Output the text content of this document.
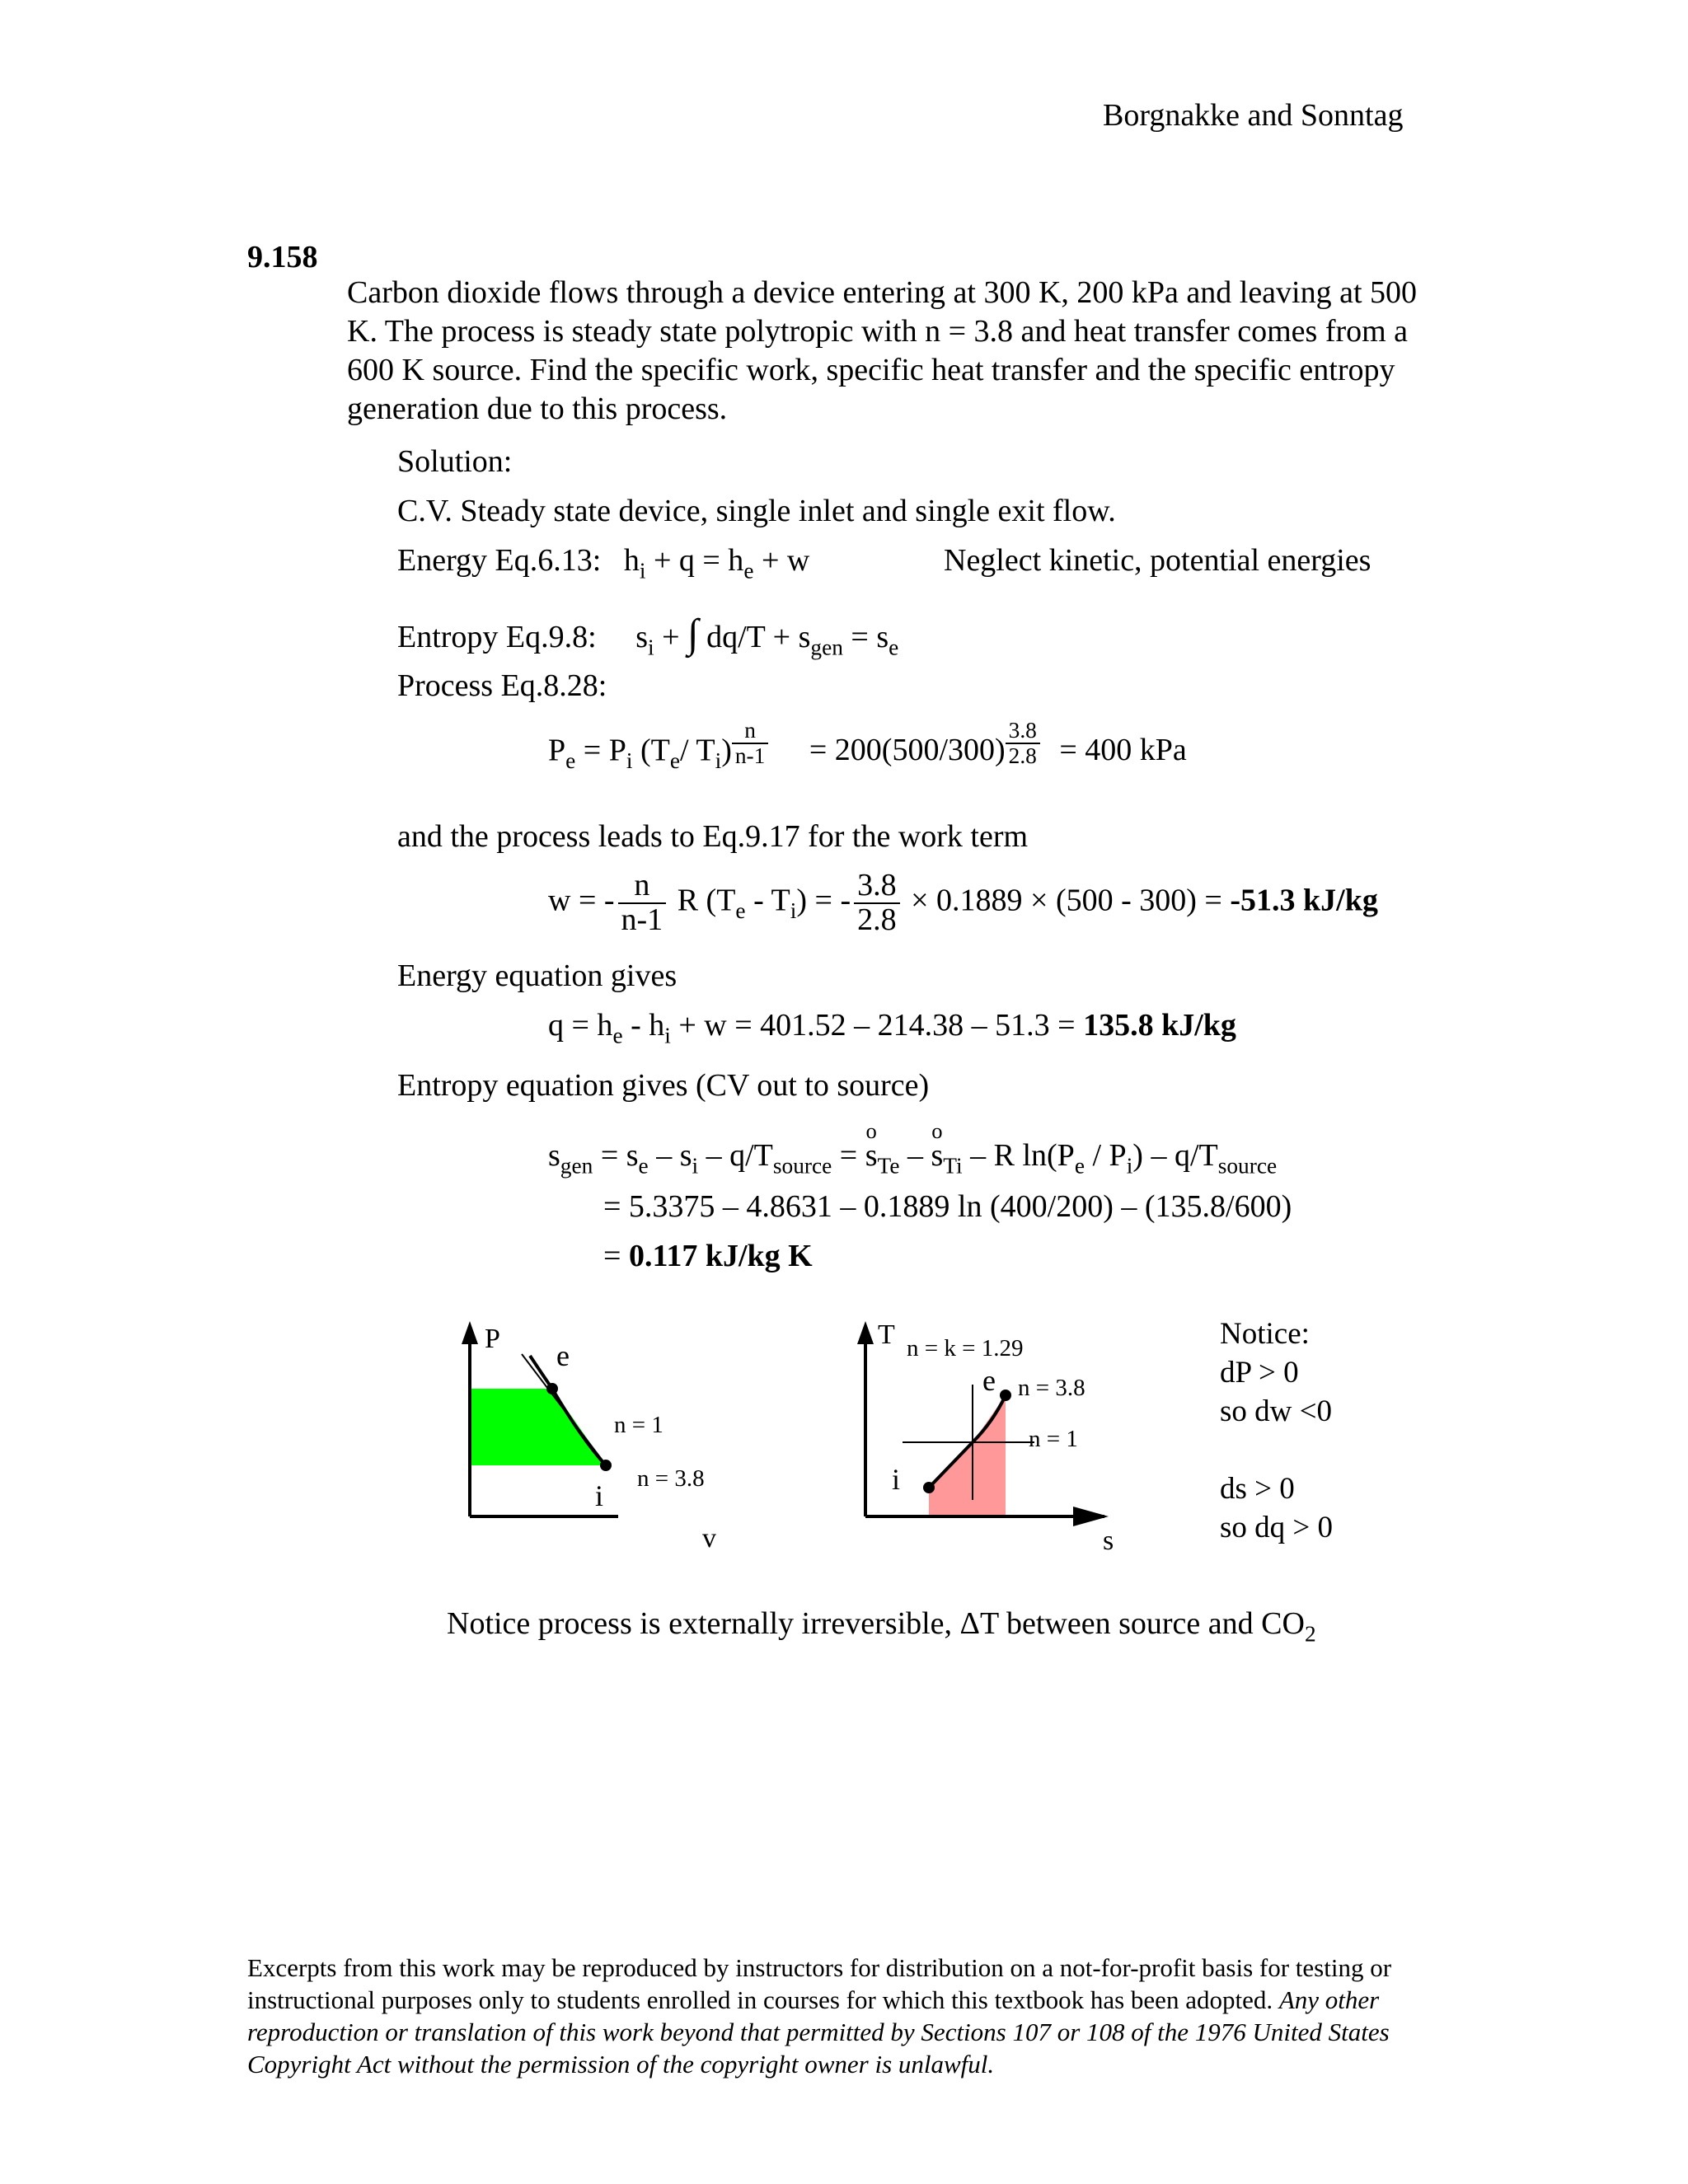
Borgnakke and Sonntag
9.158
Carbon dioxide flows through a device entering at 300 K, 200 kPa and leaving at 500 K. The process is steady state polytropic with n = 3.8 and heat transfer comes from a 600 K source. Find the specific work, specific heat transfer and the specific entropy generation due to this process.
Solution:
C.V. Steady state device, single inlet and single exit flow.
Energy Eq.6.13: $h_i + q = h_e + w$	Neglect kinetic, potential energies
Entropy Eq.9.8: $s_i$ + ∫ $dq/T + s_{gen} = s_e$
Process Eq.8.28:
$P_e = P_i$ ($T_e/$ $T_i$) $^{\frac{n}{n-1}}$ = 200(500/300) $^{\frac{3.8}{2.8}}$ = 400 kPa
and the process leads to Eq.9.17 for the work term
w = - $\frac{n}{n-1}$ R $(T_e - T_i)$ = - $\frac{3.8}{2.8} \times 0.1889 \times (500 - 300) = -51.3$ kJ/kg
Energy equation gives
$q = h_e - h_i + w = 401.52 - 214.38 - 51.3 = 135.8$ kJ/kg
Entropy equation gives (CV out to source)
$s_{gen} = s_e - s_i - q/T_{source}$ =
o
$s_{Te}$ –
o
$s_{Ti}$ – R $\ln(P_e / P_i) - q/T_{source}$
= 5.3375 – 4.8631 – 0.1889 ln (400/200) – (135.8/600)
= 0.117 kJ/kg K
P
e
n = 1
n = 3.8
i
v
T n = k = 1.29
e n = 3.8
n = 1
i
s
Notice:
dP > 0
so dw <0
ds > 0
so dq > 0
Notice process is externally irreversible, ΔT between source and $CO_2$
Excerpts from this work may be reproduced by instructors for distribution on a not-for-profit basis for testing or instructional purposes only to students enrolled in courses for which this textbook has been adopted. Any other reproduction or translation of this work beyond that permitted by Sections 107 or 108 of the 1976 United States Copyright Act without the permission of the copyright owner is unlawful.
